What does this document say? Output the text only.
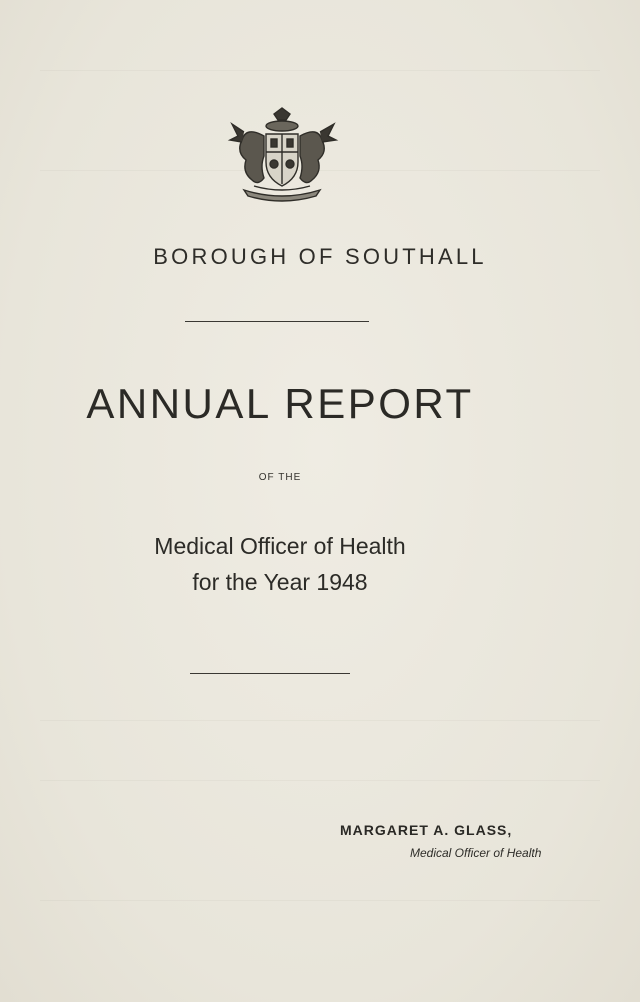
BOROUGH OF SOUTHALL
ANNUAL REPORT
OF THE
Medical Officer of Health
for the Year 1948
MARGARET A. GLASS,
Medical Officer of Health
